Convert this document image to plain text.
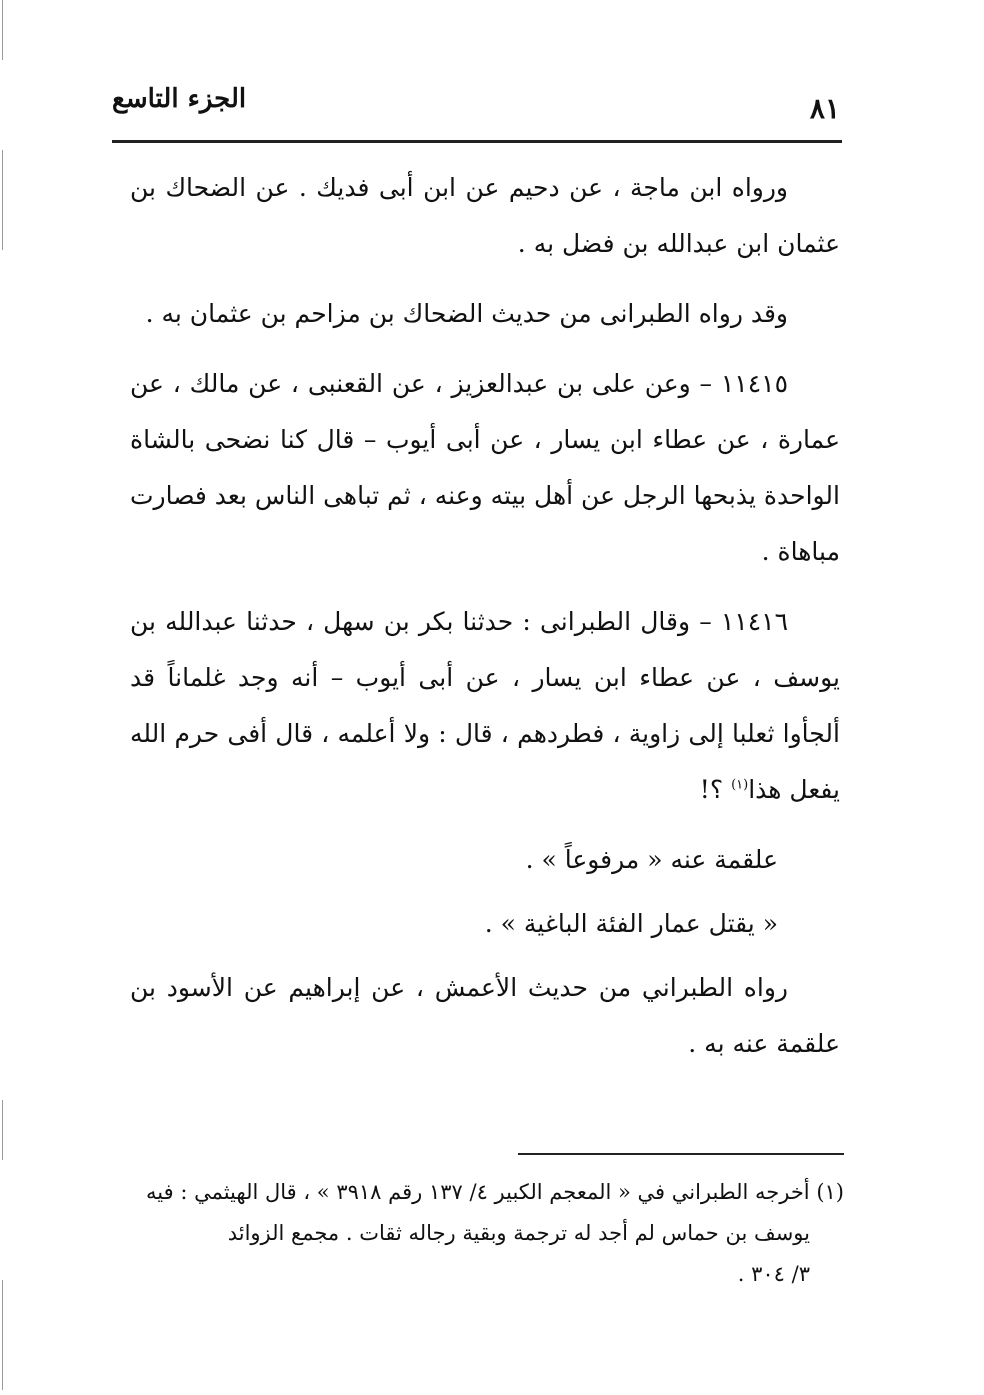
الجزء التاسع	٨١

ورواه ابن ماجة ، عن دحيم عن ابن أبى فديك . عن الضحاك بن عثمان ابن عبدالله بن فضل به .

وقد رواه الطبرانى من حديث الضحاك بن مزاحم بن عثمان به .

١١٤١٥ – وعن على بن عبدالعزيز ، عن القعنبى ، عن مالك ، عن عمارة ، عن عطاء ابن يسار ، عن أبى أيوب – قال كنا نضحى بالشاة الواحدة يذبحها الرجل عن أهل بيته وعنه ، ثم تباهى الناس بعد فصارت مباهاة .

١١٤١٦ – وقال الطبرانى : حدثنا بكر بن سهل ، حدثنا عبدالله بن يوسف ، عن عطاء ابن يسار ، عن أبى أيوب – أنه وجد غلماناً قد ألجأوا ثعلبا إلى زاوية ، فطردهم ، قال : ولا أعلمه ، قال أفى حرم الله يفعل هذا$^{(١)}$ ؟!

علقمة عنه « مرفوعاً » .

« يقتل عمار الفئة الباغية » .

رواه الطبراني من حديث الأعمش ، عن إبراهيم عن الأسود بن علقمة عنه به .

(١) أخرجه الطبراني في « المعجم الكبير ٤/ ١٣٧ رقم ٣٩١٨ » ، قال الهيثمي : فيه

يوسف بن حماس لم أجد له ترجمة وبقية رجاله ثقات . مجمع الزوائد

٣/ ٣٠٤ .
